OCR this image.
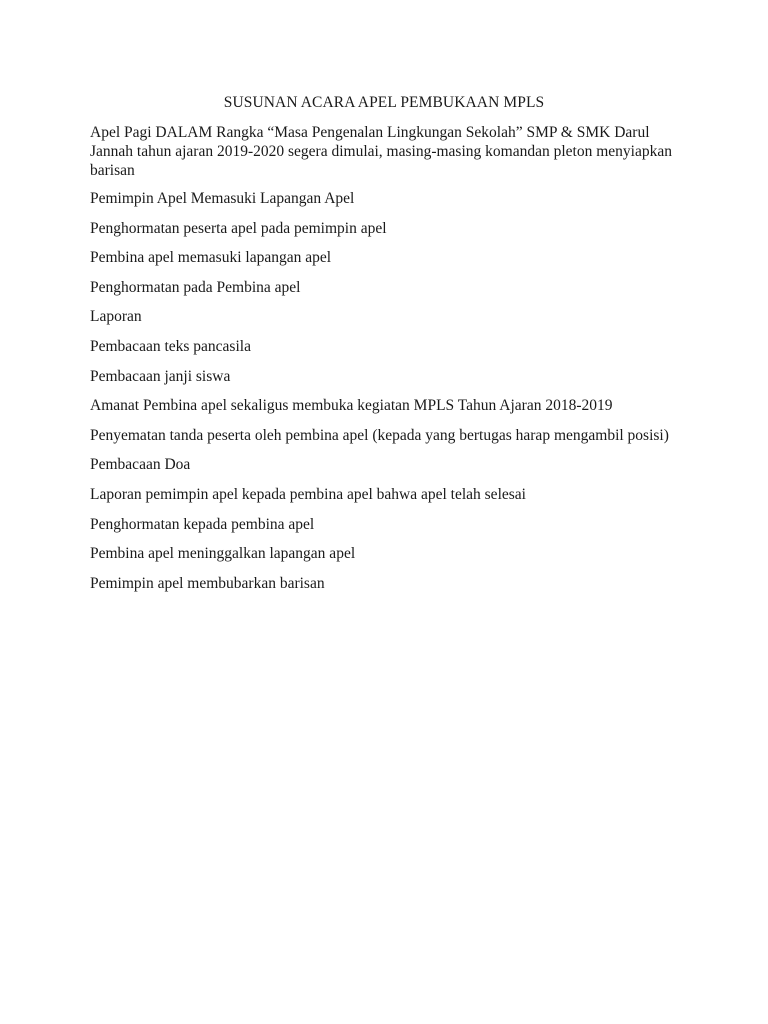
SUSUNAN ACARA APEL PEMBUKAAN MPLS

Apel Pagi DALAM Rangka “Masa Pengenalan Lingkungan Sekolah” SMP & SMK Darul Jannah tahun ajaran 2019-2020 segera dimulai, masing-masing komandan pleton menyiapkan barisan

Pemimpin Apel Memasuki Lapangan Apel
Penghormatan peserta apel pada pemimpin apel
Pembina apel memasuki lapangan apel
Penghormatan pada Pembina apel
Laporan
Pembacaan teks pancasila
Pembacaan janji siswa
Amanat Pembina apel sekaligus membuka kegiatan MPLS Tahun Ajaran 2018-2019
Penyematan tanda peserta oleh pembina apel (kepada yang bertugas harap mengambil posisi)
Pembacaan Doa
Laporan pemimpin apel kepada pembina apel bahwa apel telah selesai
Penghormatan kepada pembina apel
Pembina apel meninggalkan lapangan apel
Pemimpin apel membubarkan barisan
